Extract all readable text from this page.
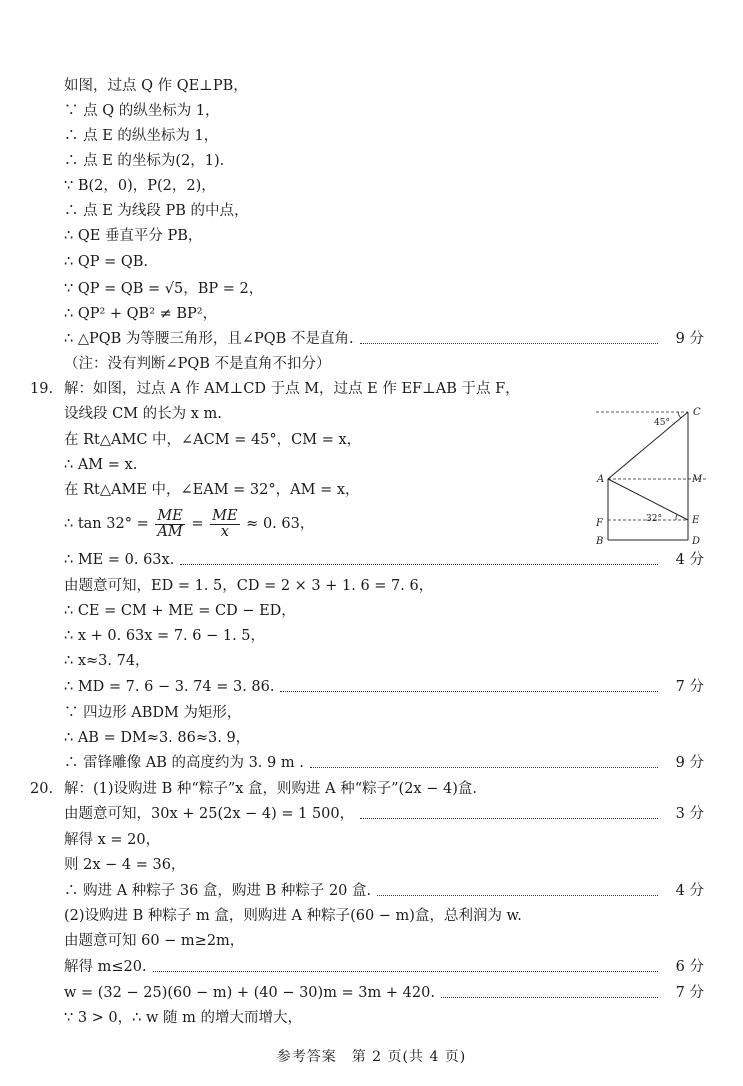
如图，过点 Q 作 QE⊥PB，
∵ 点 Q 的纵坐标为 1，
∴ 点 E 的纵坐标为 1，
∴ 点 E 的坐标为(2，1).
∵ B(2，0)，P(2，2)，
∴ 点 E 为线段 PB 的中点，
∴ QE 垂直平分 PB，
∴ QP = QB.
∵ QP = QB = √5，BP = 2，
∴ QP² + QB² ≠ BP²，
∴ △PQB 为等腰三角形，且∠PQB 不是直角.	9 分
（注：没有判断∠PQB 不是直角不扣分）
19. 解：如图，过点 A 作 AM⊥CD 于点 M，过点 E 作 EF⊥AB 于点 F，
设线段 CM 的长为 x m.
在 Rt△AMC 中，∠ACM = 45°，CM = x，
∴ AM = x.
在 Rt△AME 中，∠EAM = 32°，AM = x，
∴ $\tan 32^\circ = \frac{ME}{AM} = \frac{ME}{x} \approx 0$. 63，
∴ ME = 0. 63x.	4 分
由题意可知，ED = 1. 5，CD = 2 × 3 + 1. 6 = 7. 6，
∴ CE = CM + ME = CD − ED，
∴ x + 0. 63x = 7. 6 − 1. 5，
∴ x≈3. 74，
∴ MD = 7. 6 − 3. 74 = 3. 86.	7 分
∵ 四边形 ABDM 为矩形，
∴ AB = DM≈3. 86≈3. 9，
∴ 雷锋雕像 AB 的高度约为 3. 9 m .	9 分
20. 解：(1)设购进 B 种“粽子”x 盒，则购进 A 种“粽子”(2x − 4)盒.
由题意可知，30x + 25(2x − 4) = 1 500，	3 分
解得 x = 20，
则 2x − 4 = 36，
∴ 购进 A 种粽子 36 盒，购进 B 种粽子 20 盒.	4 分
(2)设购进 B 种粽子 m 盒，则购进 A 种粽子(60 − m)盒，总利润为 w.
由题意可知 60 − m≥2m，
解得 m≤20.	6 分
w = (32 − 25)(60 − m) + (40 − 30)m = 3m + 420.	7 分
∵ 3 > 0，∴ w 随 m 的增大而增大，
45°
32°
C
A	M
F	E
B	D
参考答案　第 2 页(共 4 页)
